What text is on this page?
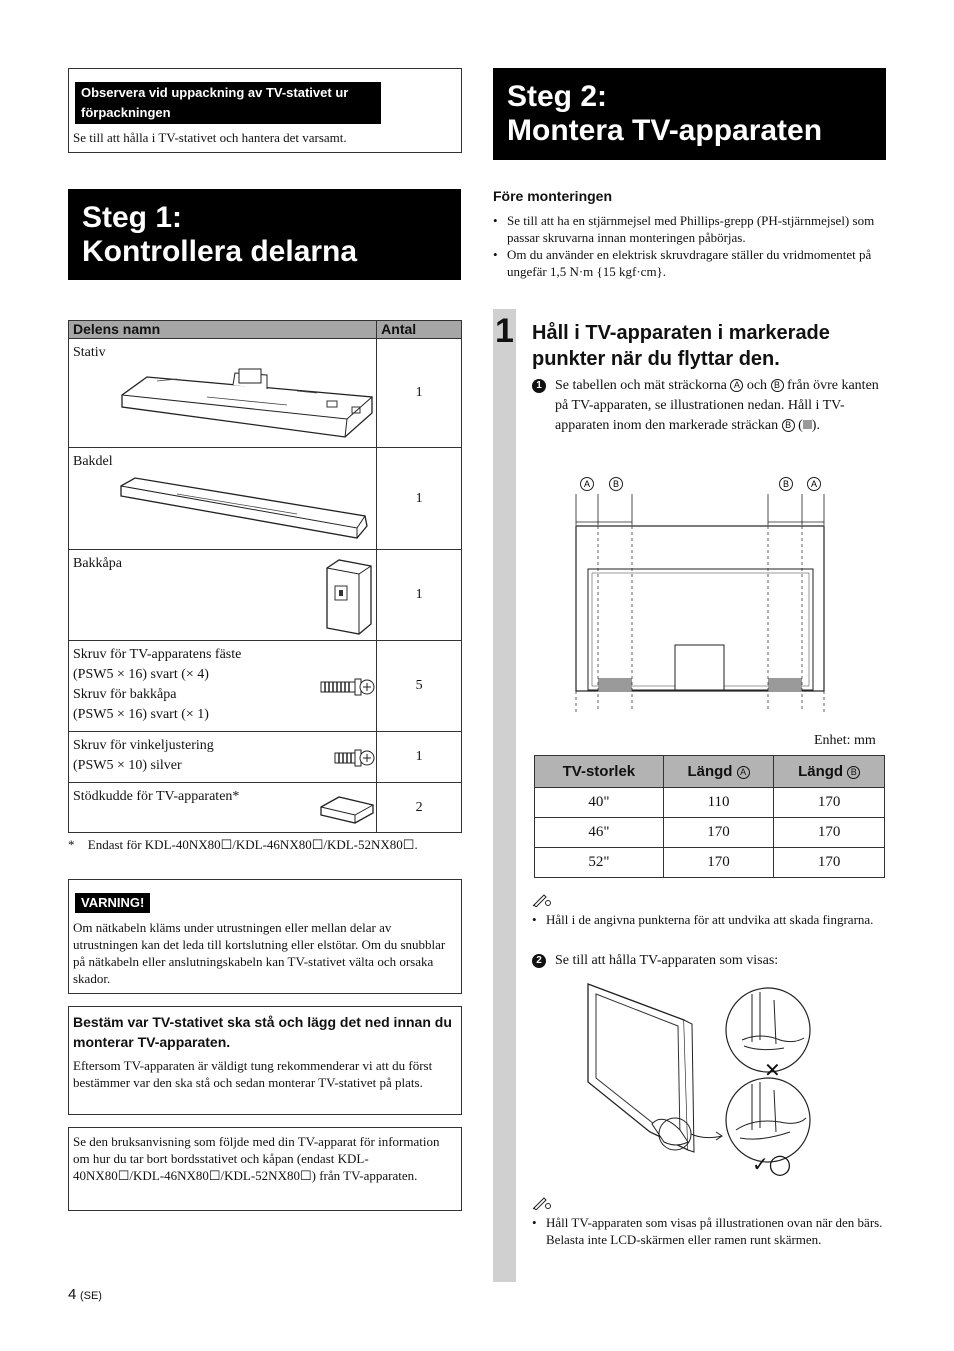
Observera vid uppackning av TV-stativet ur förpackningen
Se till att hålla i TV-stativet och hantera det varsamt.
Steg 1:
Kontrollera delarna
Delens namn	Antal
Stativ	1
Bakdel	1
Bakkåpa	1

Skruv för TV-apparatens fäste
(PSW5 × 16) svart (× 4)
Skruv för bakkåpa
(PSW5 × 16) svart (× 1)	5

Skruv för vinkeljustering
(PSW5 × 10) silver	1
Stödkudde för TV-apparaten*	2
* Endast för KDL-40NX80☐/KDL-46NX80☐/KDL-52NX80☐.
VARNING!
Om nätkabeln kläms under utrustningen eller mellan delar av utrustningen kan det leda till kortslutning eller elstötar. Om du snubblar på nätkabeln eller anslutningskabeln kan TV-stativet välta och orsaka skador.
Bestäm var TV-stativet ska stå och lägg det ned innan du monterar TV-apparaten.
Eftersom TV-apparaten är väldigt tung rekommenderar vi att du först bestämmer var den ska stå och sedan monterar TV-stativet på plats.
Se den bruksanvisning som följde med din TV-apparat för information om hur du tar bort bordsstativet och kåpan (endast KDL-40NX80☐/KDL-46NX80☐/KDL-52NX80☐) från TV-apparaten.
4 (SE)
Steg 2:
Montera TV-apparaten
Före monteringen
• Se till att ha en stjärnmejsel med Phillips-grepp (PH-stjärnmejsel) som passar skruvarna innan monteringen påbörjas.
• Om du använder en elektrisk skruvdragare ställer du vridmomentet på ungefär 1,5 N·m {15 kgf·cm}.
1 Håll i TV-apparaten i markerade punkter när du flyttar den.
1 Se tabellen och mät sträckorna A och B från övre kanten på TV-apparaten, se illustrationen nedan. Håll i TV-apparaten inom den markerade sträckan B ( ).
A	B	B A
Enhet: mm
TV-storlek	Längd A	Längd B
40"	110	170
46"	170	170
52"	170	170
• Håll i de angivna punkterna för att undvika att skada fingrarna.
2 Se till att hålla TV-apparaten som visas:
✕
✓◯
• Håll TV-apparaten som visas på illustrationen ovan när den bärs. Belasta inte LCD-skärmen eller ramen runt skärmen.
